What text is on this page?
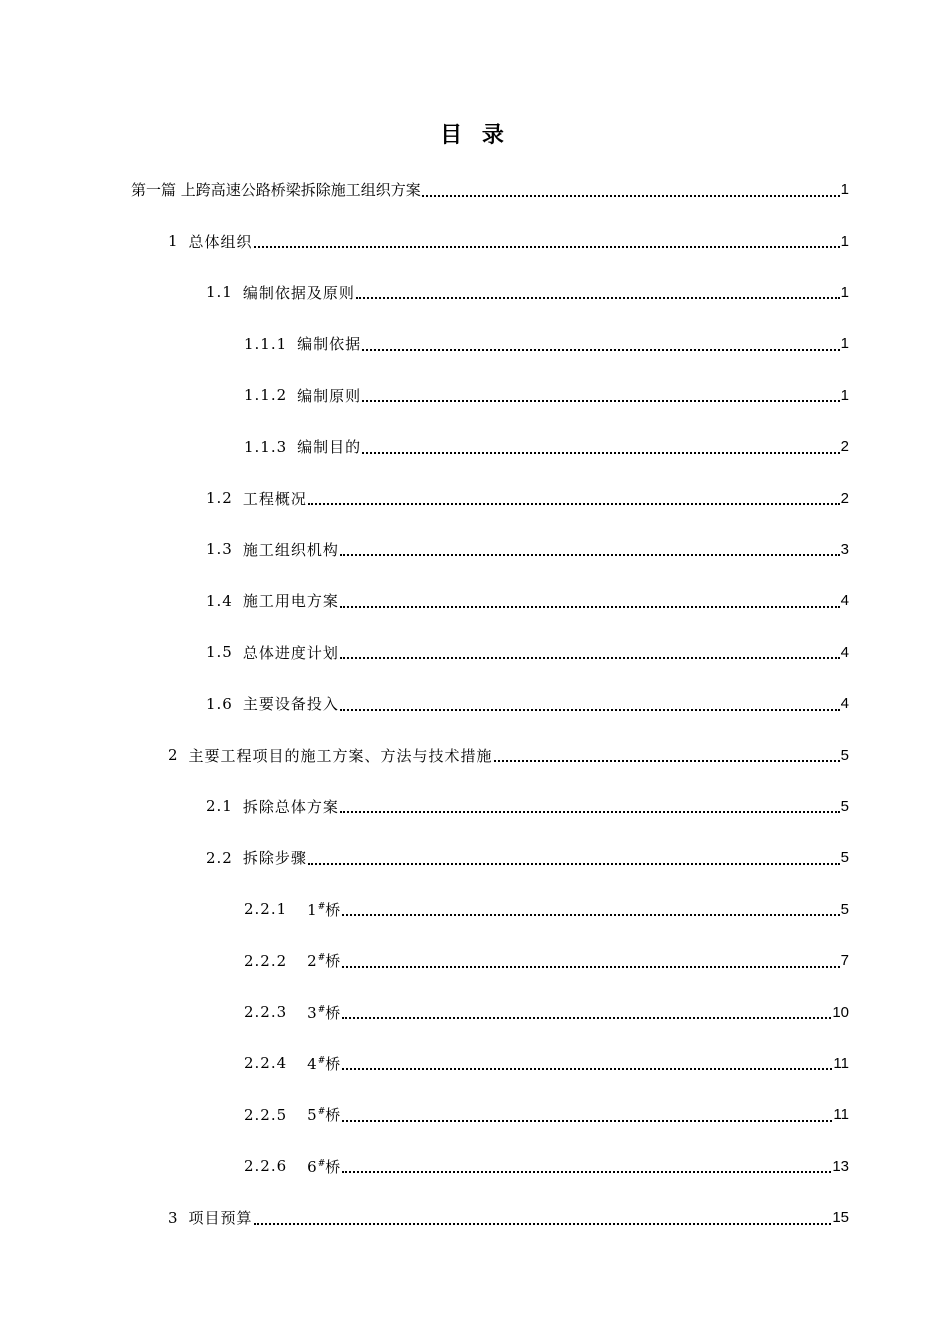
目 录
第一篇 上跨高速公路桥梁拆除施工组织方案	1
1 总体组织	1
1.1 编制依据及原则	1
1.1.1 编制依据	1
1.1.2 编制原则	1
1.1.3 编制目的	2
1.2 工程概况	2
1.3 施工组织机构	3
1.4 施工用电方案	4
1.5 总体进度计划	4
1.6 主要设备投入	4
2 主要工程项目的施工方案、方法与技术措施	5
2.1 拆除总体方案	5
2.2 拆除步骤	5
2.2.1 1#桥	5
2.2.2 2#桥	7
2.2.3 3#桥	10
2.2.4 4#桥	11
2.2.5 5#桥	11
2.2.6 6#桥	13
3 项目预算	15
